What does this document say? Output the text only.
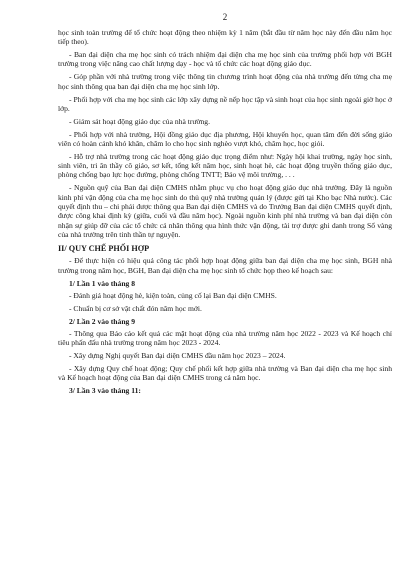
2

học sinh toàn trường để tổ chức hoạt động theo nhiệm kỳ 1 năm (bắt đầu từ năm học này đến đầu năm học tiếp theo).

- Ban đại diện cha mẹ học sinh có trách nhiệm đại diện cha mẹ học sinh của trường phối hợp với BGH trường trong việc nâng cao chất lượng dạy - học và tổ chức các hoạt động giáo dục.

- Góp phần với nhà trường trong việc thông tin chương trình hoạt động của nhà trường đến từng cha mẹ học sinh thông qua ban đại diện cha mẹ học sinh lớp.

- Phối hợp với cha mẹ học sinh các lớp xây dựng nề nếp học tập và sinh hoạt của học sinh ngoài giờ học ở lớp.

- Giám sát hoạt động giáo dục của nhà trường.

- Phối hợp với nhà trường, Hội đồng giáo dục địa phương, Hội khuyến học, quan tâm đến đời sống giáo viên có hoàn cảnh khó khăn, chăm lo cho học sinh nghèo vượt khó, chăm học, học giỏi.

- Hỗ trợ nhà trường trong các hoạt động giáo dục trọng điểm như: Ngày hội khai trường, ngày học sinh, sinh viên, tri ân thầy cô giáo, sơ kết, tổng kết năm học, sinh hoạt hè, các hoạt động truyền thống giáo dục, phòng chống bạo lực học đường, phòng chống TNTT; Bảo vệ môi trường, . . .

- Nguồn quỹ của Ban đại diện CMHS nhằm phục vụ cho hoạt động giáo dục nhà trường. Đây là nguồn kinh phí vận động của cha mẹ học sinh do thủ quỹ nhà trường quản lý (được gửi tại Kho bạc Nhà nước). Các quyết định thu – chi phải được thông qua Ban đại diện CMHS và do Trưởng Ban đại diện CMHS quyết định, được công khai định kỳ (giữa, cuối và đầu năm học). Ngoài nguồn kinh phí nhà trường và ban đại diện còn nhận sự giúp đỡ của các tổ chức cá nhân thông qua hình thức vận động, tài trợ được ghi danh trong Sổ vàng của nhà trường trên tinh thần tự nguyện.

II/ QUY CHẾ PHỐI HỢP

- Để thực hiện có hiệu quả công tác phối hợp hoạt động giữa ban đại diện cha mẹ học sinh, BGH nhà trường trong năm học, BGH, Ban đại diện cha mẹ học sinh tổ chức họp theo kế hoạch sau:

1/ Lần 1 vào tháng 8

- Đánh giá hoạt động hè, kiện toàn, củng cố lại Ban đại diện CMHS.

- Chuẩn bị cơ sở vật chất đón năm học mới.

2/ Lần 2 vào tháng 9

- Thông qua Báo cáo kết quả các mặt hoạt động của nhà trường năm học 2022 - 2023 và Kế hoạch chỉ tiêu phấn đấu nhà trường trong năm học 2023 - 2024.

- Xây dựng Nghị quyết Ban đại diện CMHS đầu năm học 2023 – 2024.

- Xây dựng Quy chế hoạt động; Quy chế phối kết hợp giữa nhà trường và Ban đại diện cha mẹ học sinh và Kế hoạch hoạt động của Ban đại diện CMHS trong cả năm học.

3/ Lần 3 vào tháng 11:
